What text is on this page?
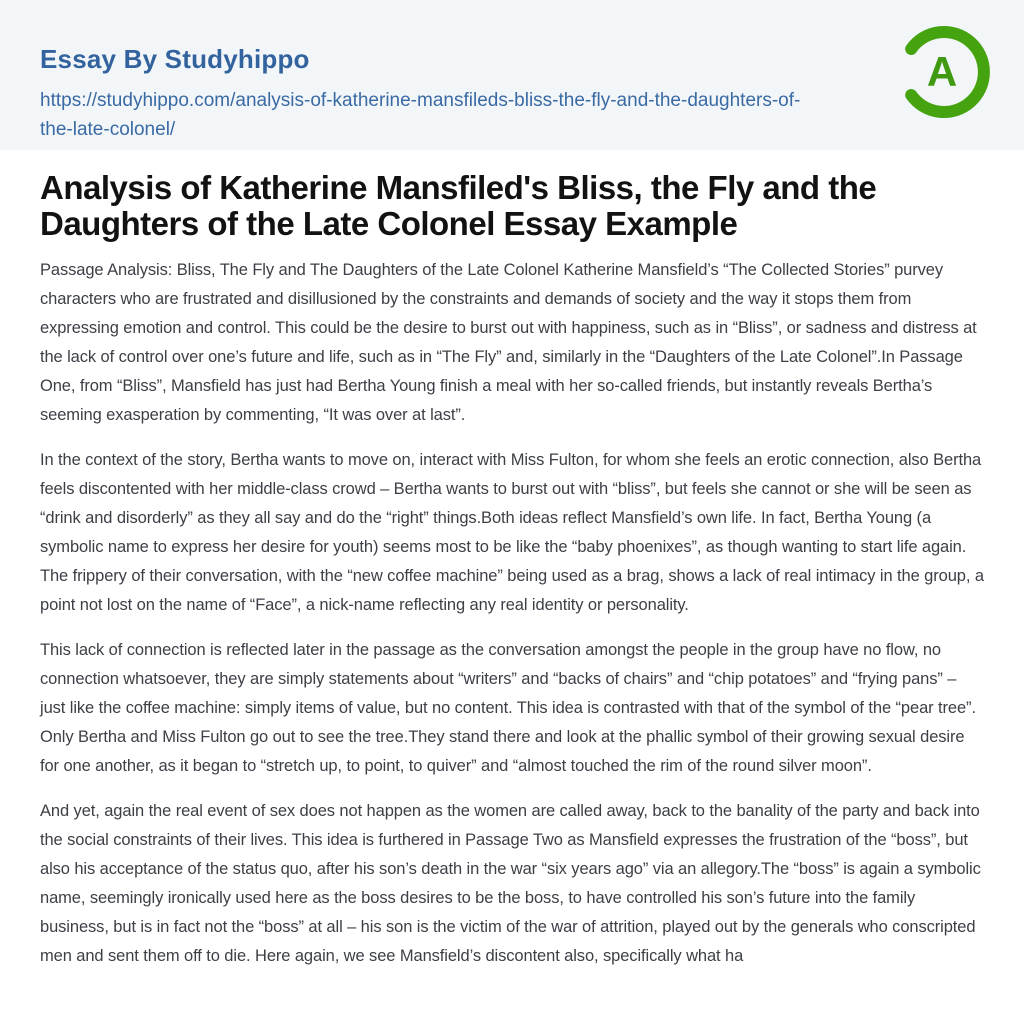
Essay By Studyhippo
https://studyhippo.com/analysis-of-katherine-mansfileds-bliss-the-fly-and-the-daughters-of-the-late-colonel/
A
Analysis of Katherine Mansfiled's Bliss, the Fly and the Daughters of the Late Colonel Essay Example

Passage Analysis: Bliss, The Fly and The Daughters of the Late Colonel Katherine Mansfield’s “The Collected Stories” purvey characters who are frustrated and disillusioned by the constraints and demands of society and the way it stops them from expressing emotion and control. This could be the desire to burst out with happiness, such as in “Bliss”, or sadness and distress at the lack of control over one’s future and life, such as in “The Fly” and, similarly in the “Daughters of the Late Colonel”.In Passage One, from “Bliss”, Mansfield has just had Bertha Young finish a meal with her so-called friends, but instantly reveals Bertha’s seeming exasperation by commenting, “It was over at last”.

In the context of the story, Bertha wants to move on, interact with Miss Fulton, for whom she feels an erotic connection, also Bertha feels discontented with her middle-class crowd – Bertha wants to burst out with “bliss”, but feels she cannot or she will be seen as “drink and disorderly” as they all say and do the “right” things.Both ideas reflect Mansfield’s own life. In fact, Bertha Young (a symbolic name to express her desire for youth) seems most to be like the “baby phoenixes”, as though wanting to start life again. The frippery of their conversation, with the “new coffee machine” being used as a brag, shows a lack of real intimacy in the group, a point not lost on the name of “Face”, a nick-name reflecting any real identity or personality.

This lack of connection is reflected later in the passage as the conversation amongst the people in the group have no flow, no connection whatsoever, they are simply statements about “writers” and “backs of chairs” and “chip potatoes” and “frying pans” – just like the coffee machine: simply items of value, but no content. This idea is contrasted with that of the symbol of the “pear tree”. Only Bertha and Miss Fulton go out to see the tree.They stand there and look at the phallic symbol of their growing sexual desire for one another, as it began to “stretch up, to point, to quiver” and “almost touched the rim of the round silver moon”.

And yet, again the real event of sex does not happen as the women are called away, back to the banality of the party and back into the social constraints of their lives. This idea is furthered in Passage Two as Mansfield expresses the frustration of the “boss”, but also his acceptance of the status quo, after his son’s death in the war “six years ago” via an allegory.The “boss” is again a symbolic name, seemingly ironically used here as the boss desires to be the boss, to have controlled his son’s future into the family business, but is in fact not the “boss” at all – his son is the victim of the war of attrition, played out by the generals who conscripted men and sent them off to die. Here again, we see Mansfield’s discontent also, specifically what ha
